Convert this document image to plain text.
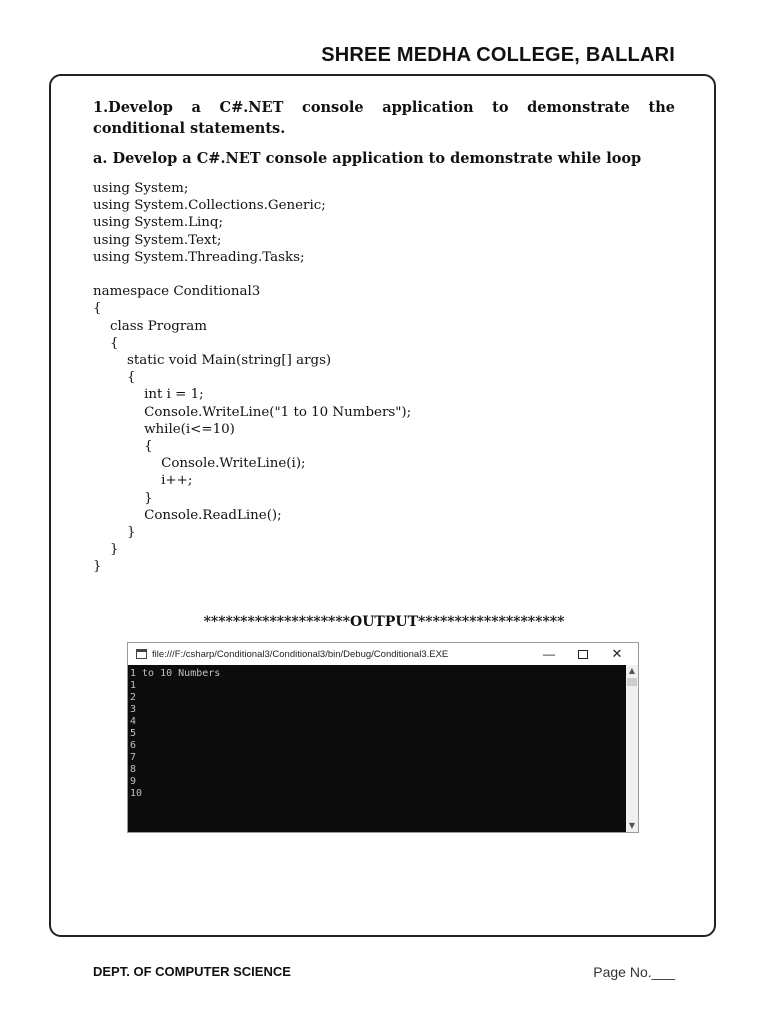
SHREE MEDHA COLLEGE, BALLARI
1.Develop a C#.NET console application to demonstrate the conditional statements.
a. Develop a C#.NET console application to demonstrate while loop
using System;
using System.Collections.Generic;
using System.Linq;
using System.Text;
using System.Threading.Tasks;

namespace Conditional3
{
class Program
{
static void Main(string[] args)
{
int i = 1;
Console.WriteLine("1 to 10 Numbers");
while(i<=10)
{
Console.WriteLine(i);
i++;
}
Console.ReadLine();
}
}
}
********************OUTPUT********************
file:///F:/csharp/Conditional3/Conditional3/bin/Debug/Conditional3.EXE	—	✕
1 to 10 Numbers
1
2
3
4
5
6
7
8
9
10
▲
▼
DEPT. OF COMPUTER SCIENCE	Page No.___
